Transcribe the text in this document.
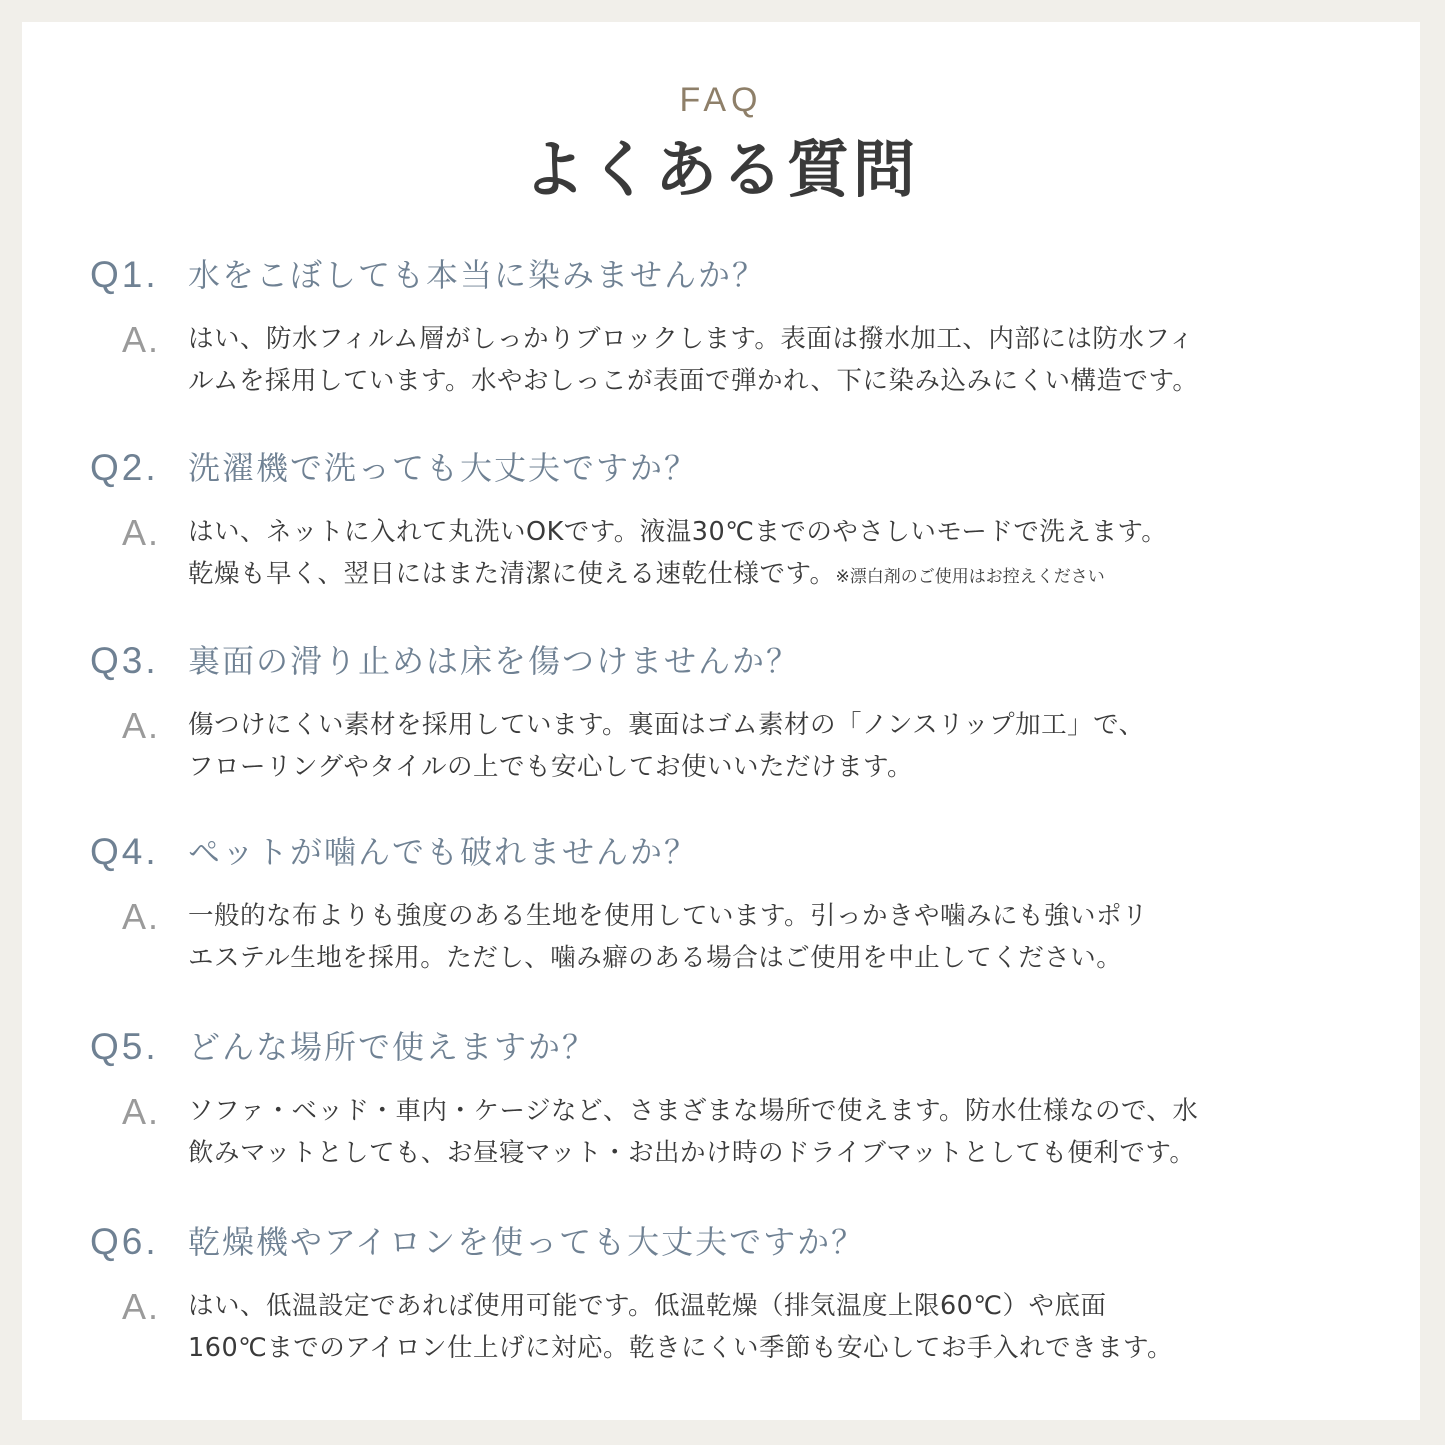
FAQ
よくある質問
Q1. 水をこぼしても本当に染みませんか？
A. はい、防水フィルム層がしっかりブロックします。表面は撥水加工、内部には防水フィ
ルムを採用しています。水やおしっこが表面で弾かれ、下に染み込みにくい構造です。
Q2. 洗濯機で洗っても大丈夫ですか？
A. はい、ネットに入れて丸洗いOKです。液温30℃までのやさしいモードで洗えます。
乾燥も早く、翌日にはまた清潔に使える速乾仕様です。※漂白剤のご使用はお控えください
Q3. 裏面の滑り止めは床を傷つけませんか？
A. 傷つけにくい素材を採用しています。裏面はゴム素材の「ノンスリップ加工」で、
フローリングやタイルの上でも安心してお使いいただけます。
Q4. ペットが噛んでも破れませんか？
A. 一般的な布よりも強度のある生地を使用しています。引っかきや噛みにも強いポリ
エステル生地を採用。ただし、噛み癖のある場合はご使用を中止してください。
Q5. どんな場所で使えますか？
A. ソファ・ベッド・車内・ケージなど、さまざまな場所で使えます。防水仕様なので、水
飲みマットとしても、お昼寝マット・お出かけ時のドライブマットとしても便利です。
Q6. 乾燥機やアイロンを使っても大丈夫ですか？
A. はい、低温設定であれば使用可能です。低温乾燥（排気温度上限60℃）や底面
160℃までのアイロン仕上げに対応。乾きにくい季節も安心してお手入れできます。
